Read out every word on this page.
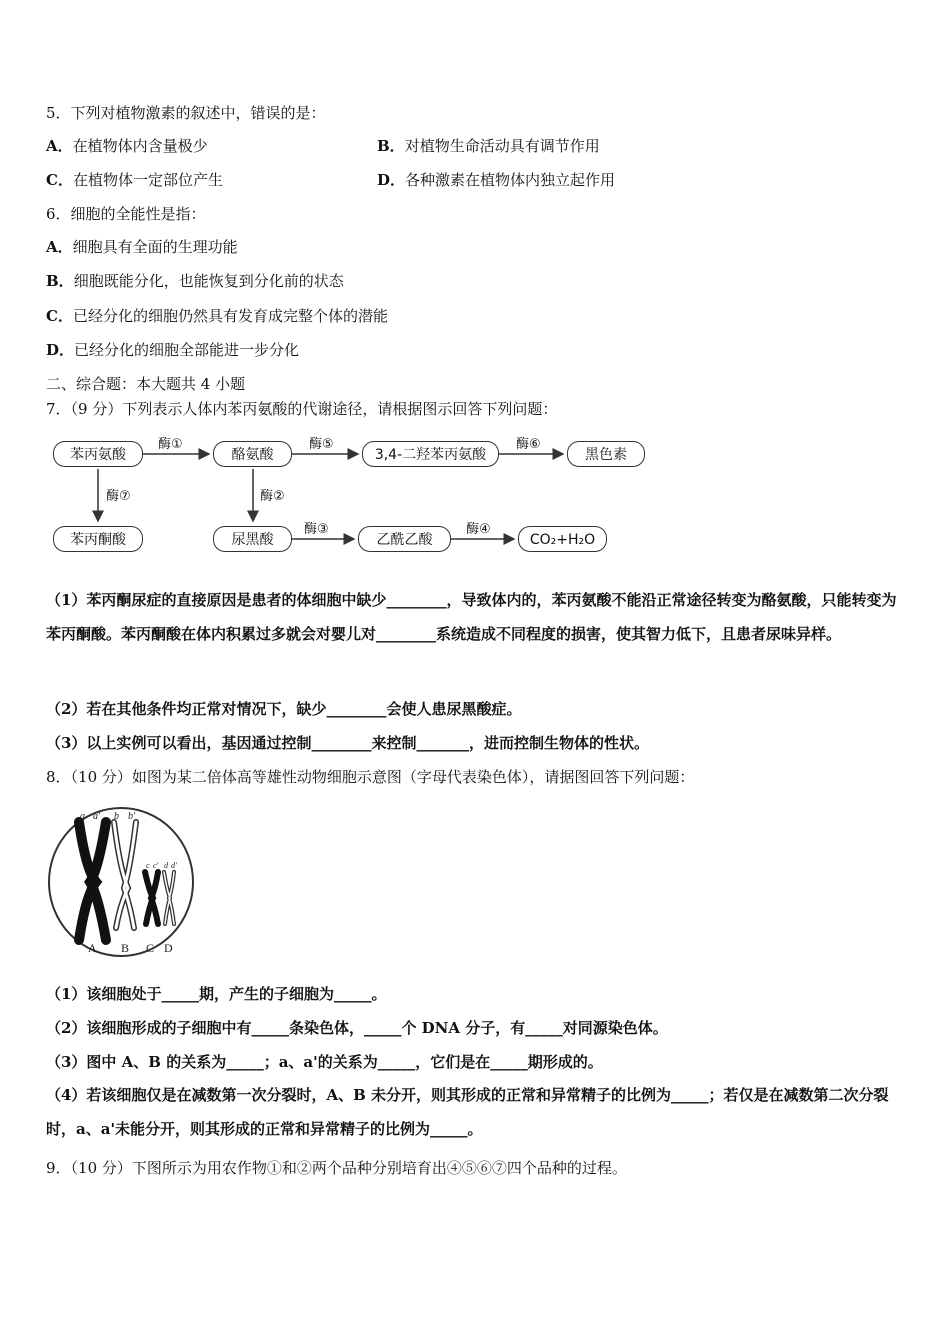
5．下列对植物激素的叙述中，错误的是：
A．在植物体内含量极少	B．对植物生命活动具有调节作用
C．在植物体一定部位产生	D．各种激素在植物体内独立起作用
6．细胞的全能性是指：
A．细胞具有全面的生理功能
B．细胞既能分化，也能恢复到分化前的状态
C．已经分化的细胞仍然具有发育成完整个体的潜能
D．已经分化的细胞全部能进一步分化
二、综合题：本大题共 4 小题
7．（9 分）下列表示人体内苯丙氨酸的代谢途径，请根据图示回答下列问题：
苯丙氨酸	酪氨酸	3,4-二羟苯丙氨酸	黑色素
苯丙酮酸	尿黑酸	乙酰乙酸	CO₂+H₂O
酶①	酶⑤	酶⑥
酶⑦	酶②
酶③	酶④
（1）苯丙酮尿症的直接原因是患者的体细胞中缺少________，导致体内的，苯丙氨酸不能沿正常途径转变为酪氨酸，只能转变为苯丙酮酸。苯丙酮酸在体内积累过多就会对婴儿对________系统造成不同程度的损害，使其智力低下，且患者尿味异样。
（2）若在其他条件均正常对情况下，缺少________会使人患尿黑酸症。
（3）以上实例可以看出，基因通过控制________来控制_______，进而控制生物体的性状。
8．（10 分）如图为某二倍体高等雄性动物细胞示意图（字母代表染色体），请据图回答下列问题：
a a' b b'
c c' d d'
A B C D
（1）该细胞处于_____期，产生的子细胞为_____。
（2）该细胞形成的子细胞中有_____条染色体，_____个 DNA 分子，有_____对同源染色体。
（3）图中 A、B 的关系为_____；a、a'的关系为_____，它们是在_____期形成的。
（4）若该细胞仅是在减数第一次分裂时，A、B 未分开，则其形成的正常和异常精子的比例为_____；若仅是在减数第二次分裂时，a、a'未能分开，则其形成的正常和异常精子的比例为_____。
9．（10 分）下图所示为用农作物①和②两个品种分别培育出④⑤⑥⑦四个品种的过程。
